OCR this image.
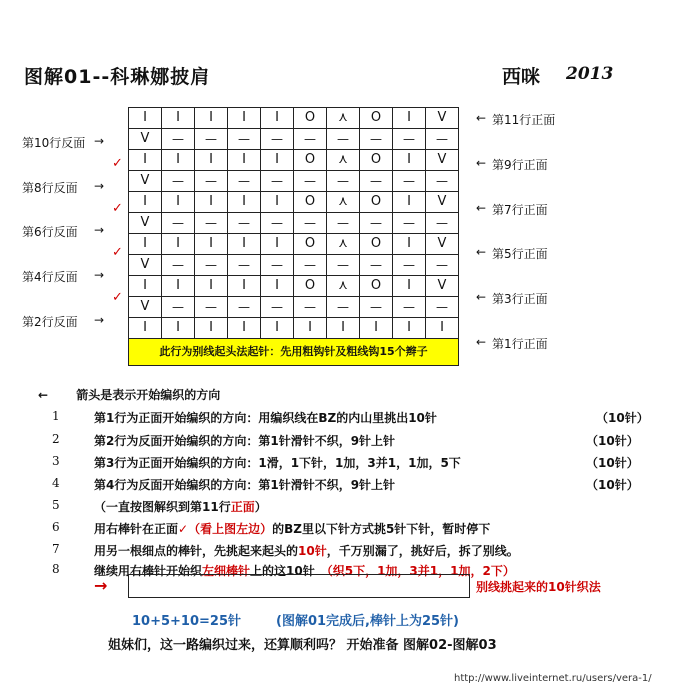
图解01--科琳娜披肩	西咪 2013
I	I	I	I	I	O	⋏	O	I	V
V	—	—	—	—	—	—	—	—	—
I	I	I	I	I	O	⋏	O	I	V
V	—	—	—	—	—	—	—	—	—
I	I	I	I	I	O	⋏	O	I	V
V	—	—	—	—	—	—	—	—	—
I	I	I	I	I	O	⋏	O	I	V
V	—	—	—	—	—	—	—	—	—
I	I	I	I	I	O	⋏	O	I	V
V	—	—	—	—	—	—	—	—	—
I	I	I	I	I	I	I	I	I	I
此行为别线起头法起针：先用粗钩针及粗线钩15个辫子									
← 第11行正面
← 第9行正面
← 第7行正面
← 第5行正面
← 第3行正面
← 第1行正面
第10行反面 →
第8行反面 →
第6行反面 →
第4行反面 →
第2行反面 →
✓
✓
✓
✓
← 箭头是表示开始编织的方向
1	第1行为正面开始编织的方向：用编织线在BZ的内山里挑出10针	（10针）
2	第2行为反面开始编织的方向：第1针滑针不织，9针上针	（10针）
3	第3行为正面开始编织的方向：1滑，1下针，1加，3并1，1加，5下	（10针）
4	第4行为反面开始编织的方向：第1针滑针不织，9针上针	（10针）
5	（一直按图解织到第11行正面）
6	用右棒针在正面✓（看上图左边）的BZ里以下针方式挑5针下针，暂时停下
7	用另一根细点的棒针，先挑起来起头的10针，千万别漏了，挑好后，拆了别线。
8	继续用右棒针开始织左细棒针上的这10针 （织5下，1加，3并1，1加，2下）
→	别线挑起来的10针织法
10+5+10=25针	(图解01完成后,棒针上为25针)
姐妹们，这一路编织过来，还算顺利吗？ 开始准备 图解02-图解03
http://www.liveinternet.ru/users/vera-1/
